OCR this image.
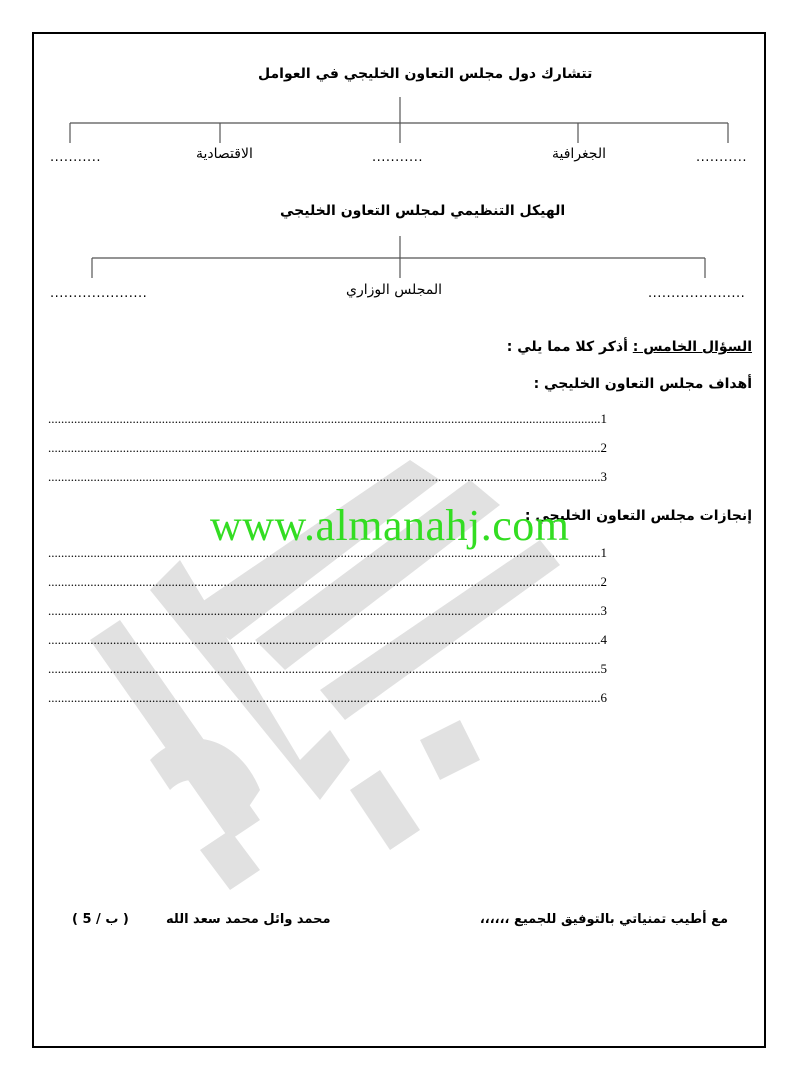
تتشارك دول مجلس التعاون الخليجي في العوامل
الجغرافية
الاقتصادية
...........	...........	...........
الهيكل التنظيمي لمجلس التعاون الخليجي
المجلس الوزاري
.....................	.....................
السؤال الخامس : أذكر كلا مما يلي :
أهداف مجلس التعاون الخليجي :
..........................................................................................................................................................................1
..........................................................................................................................................................................2
..........................................................................................................................................................................3
إنجازات مجلس التعاون الخليجي :
www.almanahj.com
..........................................................................................................................................................................1
..........................................................................................................................................................................2
..........................................................................................................................................................................3
..........................................................................................................................................................................4
..........................................................................................................................................................................5
..........................................................................................................................................................................6
مع أطيب تمنياتي بالتوفيق للجميع ،،،،،،
محمد وائل محمد سعد الله
( 5 / ب )
